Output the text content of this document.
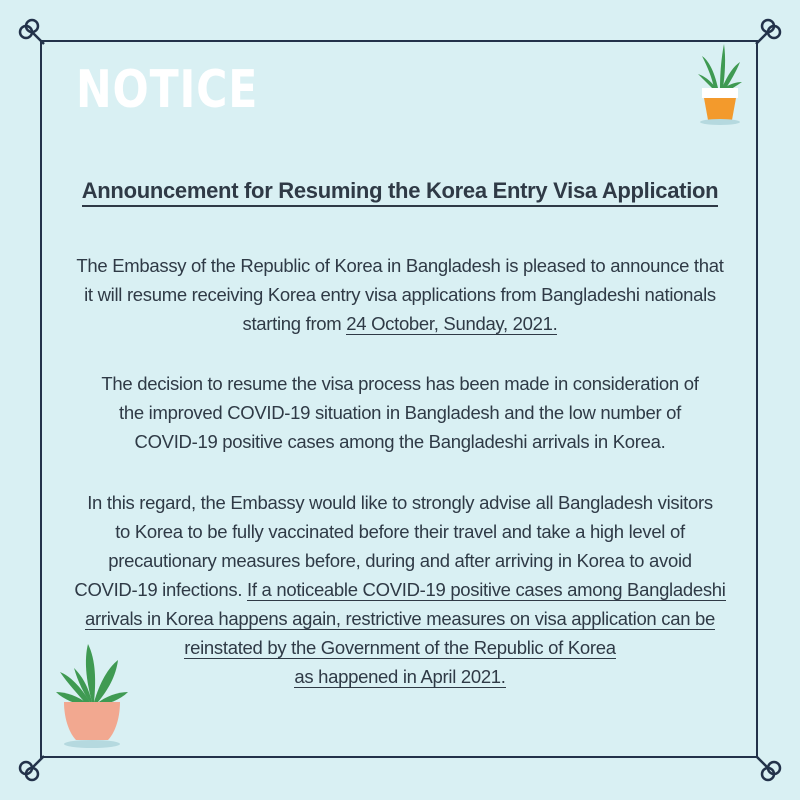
NOTICE
Announcement for Resuming the Korea Entry Visa Application
The Embassy of the Republic of Korea in Bangladesh is pleased to announce that
it will resume receiving Korea entry visa applications from Bangladeshi nationals
starting from 24 October, Sunday, 2021.
The decision to resume the visa process has been made in consideration of
the improved COVID-19 situation in Bangladesh and the low number of
COVID-19 positive cases among the Bangladeshi arrivals in Korea.
In this regard, the Embassy would like to strongly advise all Bangladesh visitors
to Korea to be fully vaccinated before their travel and take a high level of
precautionary measures before, during and after arriving in Korea to avoid
COVID-19 infections. If a noticeable COVID-19 positive cases among Bangladeshi
arrivals in Korea happens again, restrictive measures on visa application can be
reinstated by the Government of the Republic of Korea
as happened in April 2021.
